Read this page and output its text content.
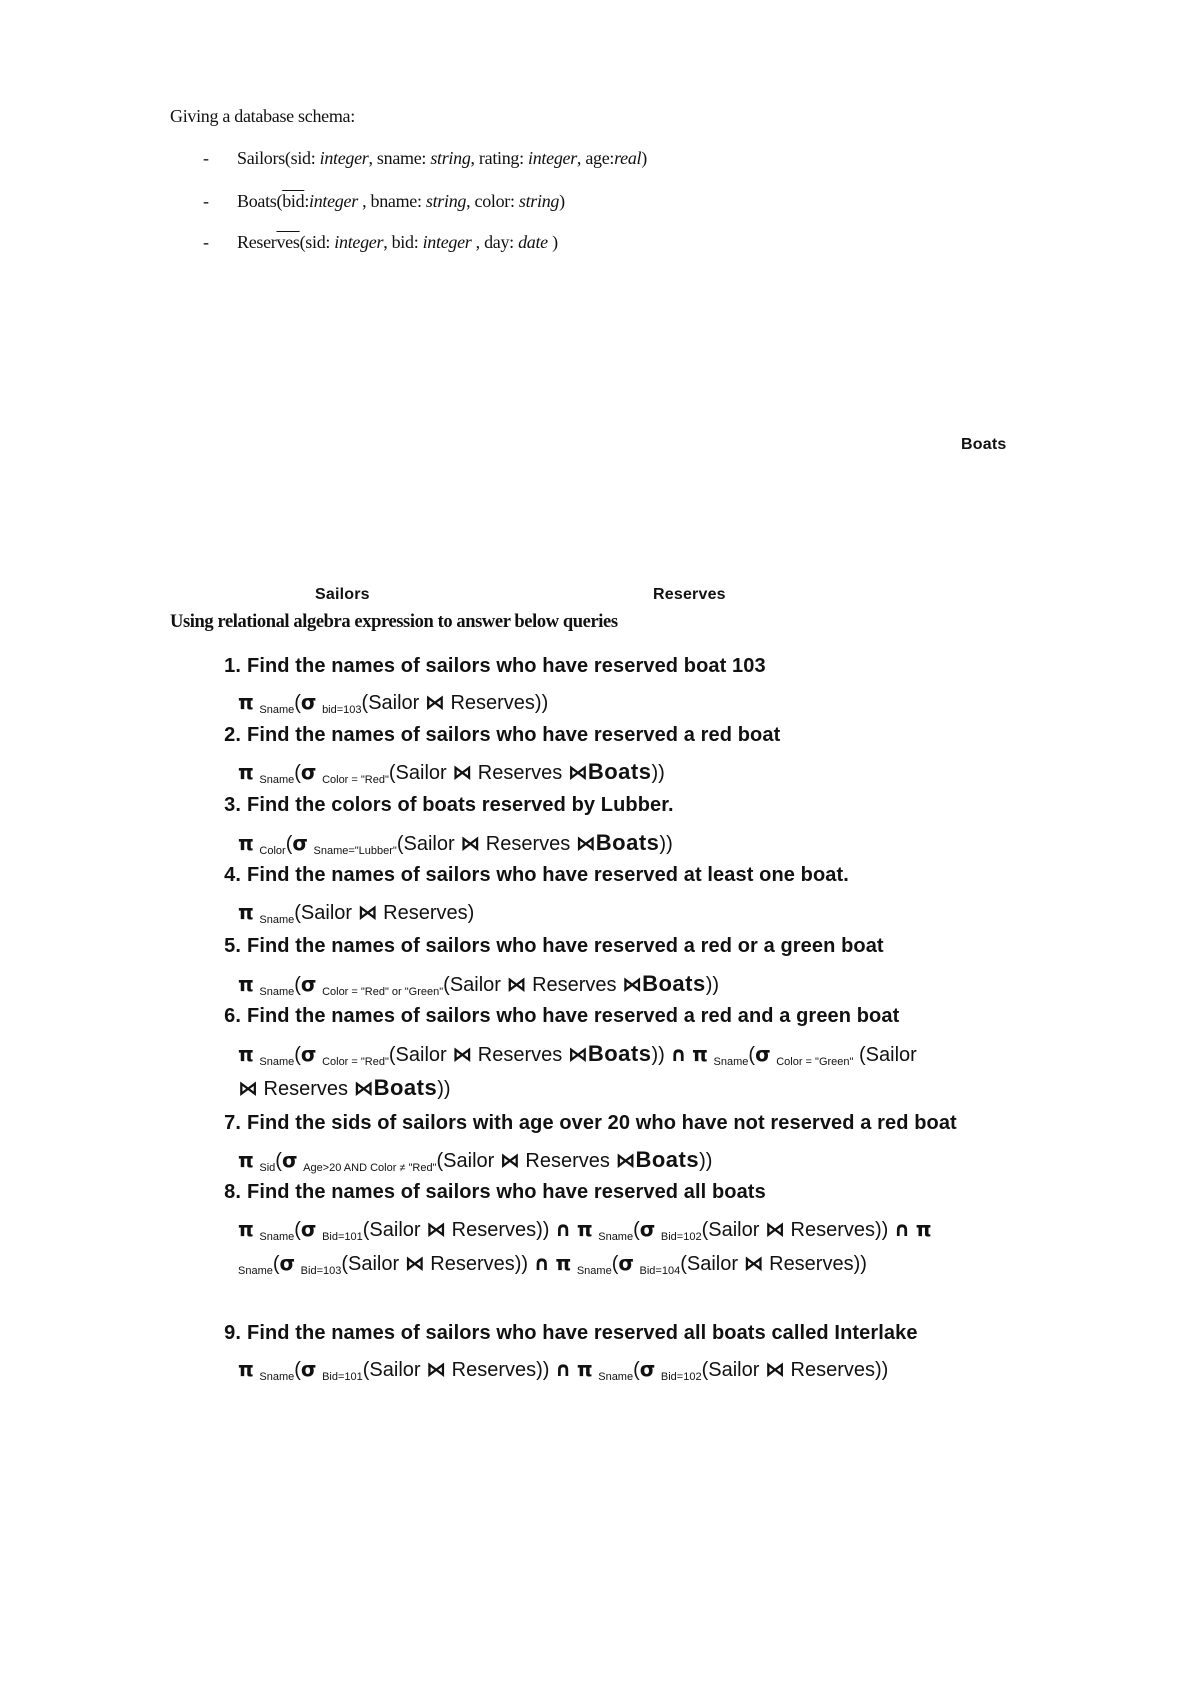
Giving a database schema:
- Sailors(sid: integer, sname: string, rating: integer, age:real)
- $Boats(\overline{bid}:integer$ , bname: string, color: string)
- $Reser\overline{ves}(sid$: integer, bid: integer , day: date )
Boats
Sailors	Reserves
Using relational algebra expression to answer below queries
1. Find the names of sailors who have reserved boat 103
π $_{Sname}$(σ $_{bid=103}$(Sailor ⋈ Reserves))
2. Find the names of sailors who have reserved a red boat
π $_{Sname}$(σ $_{Color = "Red"}$(Sailor ⋈ Reserves ⋈Boats))
3. Find the colors of boats reserved by Lubber.
π $_{Color}$(σ $_{Sname="Lubber"}$(Sailor ⋈ Reserves ⋈Boats))
4. Find the names of sailors who have reserved at least one boat.
π $_{Sname}$(Sailor ⋈ Reserves)
5. Find the names of sailors who have reserved a red or a green boat
π $_{Sname}$(σ $_{Color = "Red" or "Green"}$(Sailor ⋈ Reserves ⋈Boats))
6. Find the names of sailors who have reserved a red and a green boat
π $_{Sname}$(σ $_{Color = "Red"}$(Sailor ⋈ Reserves ⋈Boats)) ∩ π $_{Sname}$(σ $_{Color = "Green"}$ (Sailor
⋈ Reserves ⋈Boats))
7. Find the sids of sailors with age over 20 who have not reserved a red boat
π $_{Sid}$(σ $_{Age>20 AND Color \ne "Red"}$(Sailor ⋈ Reserves ⋈Boats))
8. Find the names of sailors who have reserved all boats
π $_{Sname}$(σ $_{Bid=101}$(Sailor ⋈ Reserves)) ∩ π $_{Sname}$(σ $_{Bid=102}$(Sailor ⋈ Reserves)) ∩ π
$_{Sname}$(σ $_{Bid=103}$(Sailor ⋈ Reserves)) ∩ π $_{Sname}$(σ $_{Bid=104}$(Sailor ⋈ Reserves))
9. Find the names of sailors who have reserved all boats called Interlake
π $_{Sname}$(σ $_{Bid=101}$(Sailor ⋈ Reserves)) ∩ π $_{Sname}$(σ $_{Bid=102}$(Sailor ⋈ Reserves))
